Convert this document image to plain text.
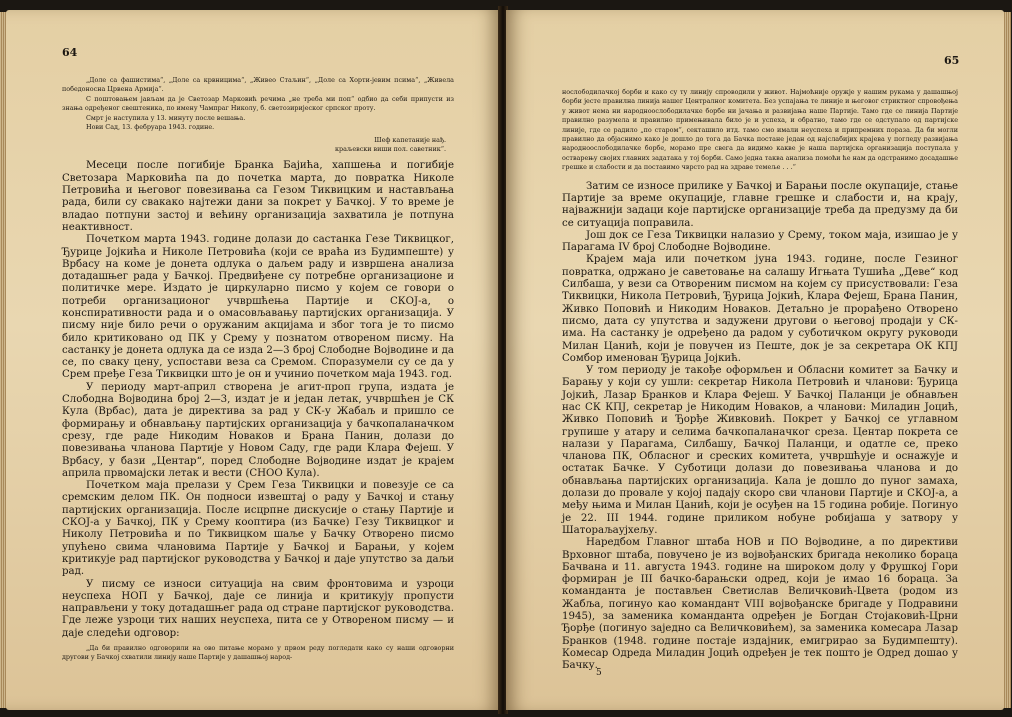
64

„Доле са фашистима“, „Доле са крвницима“, „Живео Стаљин“, „Доле са Хорти-јевим псима“, „Живела победоносна Црвена Армија“.

С поштовањем јављам да је Светозар Марковић речима „не треба ми поп“ одбио да себи припусти из знања одређеног свештеника, по имену Чампраг Николу, б. светозиријеског српског проту.

Смрт је наступила у 13. минуту после вешања.

Нови Сад, 13. фебруара 1943. године.

Шеф капетаније нађ.
краљевски виши пол. саветник“.

Месеци после погибије Бранка Бајића, хапшења и погибије Светозара Марковића па до почетка марта, до повратка Николе Петровића и његовог повезивања са Гезом Тиквицким и настављања рада, били су свакако најтежи дани за покрет у Бачкој. У то време је владао потпуни застој и већину организација захватила је потпуна неактивност.

Почетком марта 1943. године долази до састанка Гезе Тиквицког, Ђурице Јојкића и Николе Петровића (који се враћа из Будимпеште) у Врбасу на коме је донета одлука о даљем раду и извршена анализа дотадашњег рада у Бачкој. Предвиђене су потребне организационе и политичке мере. Издато је циркуларно писмо у којем се говори о потреби организационог учвршћења Партије и СКОЈ-а, о конспиративности рада и о омасовљавању партијских организација. У писму није било речи о оружаним акцијама и због тога је то писмо било критиковано од ПК у Срему у познатом отвореном писму. На састанку је донета одлука да се изда 2—3 број Слободне Војводине и да се, по сваку цену, успостави веза са Сремом. Споразумели су се да у Срем пређе Геза Тиквицки што је он и учинио почетком маја 1943. год.

У периоду март-април створена је агит-проп група, издата је Слободна Војводина број 2—3, издат је и један летак, учвршћен је СК Кула (Врбас), дата је директива за рад у СК-у Жабаљ и пришло се формирању и обнављању партијских организација у бачкопаланачком срезу, где раде Никодим Новаков и Брана Панин, долази до повезивања чланова Партије у Новом Саду, где ради Клара Фејеш. У Врбасу, у бази „Центар“, поред Слободне Војводине издат је крајем априла првомајски летак и вести (СНОО Кула).

Почетком маја прелази у Срем Геза Тиквицки и повезује се са сремским делом ПК. Он подноси извештај о раду у Бачкој и стању партијских организација. После исцрпне дискусије о стању Партије и СКОЈ-а у Бачкој, ПК у Срему кооптира (из Бачке) Гезу Тиквицког и Николу Петровића и по Тиквицком шаље у Бачку Отворено писмо упућено свима члановима Партије у Бачкој и Барањи, у којем критикује рад партијског руководства у Бачкој и даје упутство за даљи рад.

У писму се износи ситуација на свим фронтовима и узроци неуспеха НОП у Бачкој, даје се линија и критикују пропусти направљени у току дотадашњег рада од стране партијског руководства. Где леже узроци тих наших неуспеха, пита се у Отвореном писму — и даје следећи одговор:

„Да би правилно одговорили на ово питање морамо у првом реду погледати како су наши одговорни другови у Бачкој схватили линију наше Партије у дашашњој народ-

65

нослободилачкој борби и како су ту линију спроводили у живот. Најмоћније оружје у нашим рукама у дашашњој борби јесте правилна линија нашег Централног комитета. Без успајања те линије и његовог стриктног спровођења у живот нема ни народноослободилачке борбе ни јачања и развијања наше Партије. Тамо где се линија Партије правилно разумела и правилно примењивала било је и успеха, и обратно, тамо где се одступало од партијске линије, где се радило „по старом“, секташило итд. тамо смо имали неуспеха и припремних пораза. Да би могли правилно да објаснимо како је дошло до тога да Бачка постане један од најслабијих крајева у погледу развијања народноослободилачке борбе, морамо пре свега да видимо какве је наша партијска организација поступала у остварењу својих главних задатака у тој борби. Само једна таква анализа помоћи ће нам да одстранимо досадашње грешке и слабости и да поставимо чврсто рад на здраве темеље . . .“

Затим се износе прилике у Бачкој и Барањи после окупације, стање Партије за време окупације, главне грешке и слабости и, на крају, најважнији задаци које партијске организације треба да предузму да би се ситуација поправила.

Још док се Геза Тиквицки налазио у Срему, током маја, изишао је у Парагама IV број Слободне Војводине.

Крајем маја или почетком јуна 1943. године, после Гезиног повратка, одржано је саветовање на салашу Игњата Тушића „Деве“ код Силбаша, у вези са Отвореним писмом на којем су присуствовали: Геза Тиквицки, Никола Петровић, Ђурица Јојкић, Клара Фејеш, Брана Панин, Живко Поповић и Никодим Новаков. Детаљно је прорађено Отворено писмо, дата су упутства и задужени другови о његовој продаји у СК-има. На састанку је одређено да радом у суботичком округу руководи Милан Цанић, који је повучен из Пеште, док је за секретара ОК КПЈ Сомбор именован Ђурица Јојкић.

У том периоду је такође оформљен и Обласни комитет за Бачку и Барању у који су ушли: секретар Никола Петровић и чланови: Ђурица Јојкић, Лазар Бранков и Клара Фејеш. У Бачкој Паланци је обнављен нас СК КПЈ, секретар је Никодим Новаков, а чланови: Миладин Јоцић, Живко Поповић и Ђорђе Живковић. Покрет у Бачкој се углавном групише у атару и селима бачкопаланачког среза. Центар покрета се налази у Парагама, Силбашу, Бачкој Паланци, и одатле се, преко чланова ПК, Обласног и среских комитета, учвршћује и оснажује и остатак Бачке. У Суботици долази до повезивања чланова и до обнављања партијских организација. Кала је дошло до пуног замаха, долази до провале у којој падају скоро сви чланови Партије и СКОЈ-а, а међу њима и Милан Цанић, који је осуђен на 15 година робије. Погинуо је 22. III 1944. године приликом нобуне робијаша у затвору у Шаторaљaујхељу.

Наредбом Главног штаба НОВ и ПО Војводине, а по директиви Врховног штаба, повучено је из војвођанских бригада неколико бораца Бачвана и 11. августа 1943. године на широком долу у Фрушкој Гори формиран је III бачко-барањски одред, који је имао 16 бораца. За команданта је постављен Светислав Величковић-Цвета (родом из Жабља, погинуо као командант VIII војвођанске бригаде у Подравини 1945), за заменика команданта одређен је Богдан Стојаковић-Црни Ђорђе (погинуо заједно са Величковићем), за заменика комесара Лазар Бранков (1948. године постаје издајник, емигрирао за Будимпешту). Комесар Одреда Миладин Јоцић одређен је тек пошто је Одред дошао у Бачку.

5
